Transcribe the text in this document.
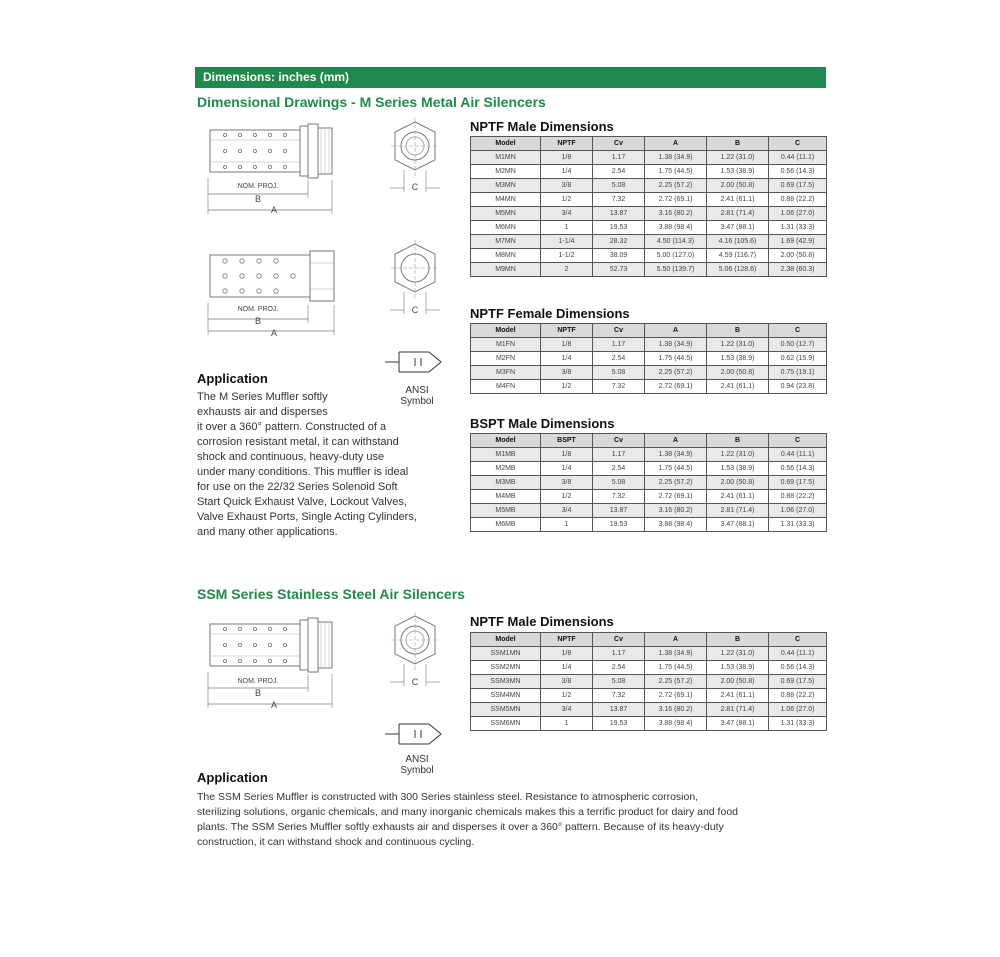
Dimensions: inches (mm)
Dimensional Drawings - M Series Metal Air Silencers
NOM. PROJ.
B
A
C
NOM. PROJ.
B
A
C
ANSI
Symbol
Application
The M Series Muffler softly
exhausts air and disperses
it over a 360° pattern. Constructed of a
corrosion resistant metal, it can withstand
shock and continuous, heavy-duty use
under many conditions. This muffler is ideal
for use on the 22/32 Series Solenoid Soft
Start Quick Exhaust Valve, Lockout Valves,
Valve Exhaust Ports, Single Acting Cylinders,
and many other applications.
NPTF Male Dimensions
Model	NPTF	Cv	A	B	C
M1MN	1/8	1.17	1.38 (34.9)	1.22 (31.0)	0.44 (11.1)
M2MN	1/4	2.54	1.75 (44.5)	1.53 (38.9)	0.56 (14.3)
M3MN	3/8	5.08	2.25 (57.2)	2.00 (50.8)	0.69 (17.5)
M4MN	1/2	7.32	2.72 (69.1)	2.41 (61.1)	0.88 (22.2)
M5MN	3/4	13.87	3.16 (80.2)	2.81 (71.4)	1.06 (27.0)
M6MN	1	19.53	3.88 (98.4)	3.47 (88.1)	1.31 (33.3)
M7MN	1-1/4	28.32	4.50 (114.3)	4.16 (105.6)	1.69 (42.9)
M8MN	1-1/2	38.09	5.00 (127.0)	4.59 (116.7)	2.00 (50.8)
M9MN	2	52.73	5.50 (139.7)	5.06 (128.6)	2.38 (60.3)
NPTF Female Dimensions
Model	NPTF	Cv	A	B	C
M1FN	1/8	1.17	1.38 (34.9)	1.22 (31.0)	0.50 (12.7)
M2FN	1/4	2.54	1.75 (44.5)	1.53 (38.9)	0.62 (15.9)
M3FN	3/8	5.08	2.25 (57.2)	2.00 (50.8)	0.75 (19.1)
M4FN	1/2	7.32	2.72 (69.1)	2.41 (61.1)	0.94 (23.8)
BSPT Male Dimensions
Model	BSPT	Cv	A	B	C
M1MB	1/8	1.17	1.38 (34.9)	1.22 (31.0)	0.44 (11.1)
M2MB	1/4	2.54	1.75 (44.5)	1.53 (38.9)	0.56 (14.3)
M3MB	3/8	5.08	2.25 (57.2)	2.00 (50.8)	0.69 (17.5)
M4MB	1/2	7.32	2.72 (69.1)	2.41 (61.1)	0.88 (22.2)
M5MB	3/4	13.87	3.16 (80.2)	2.81 (71.4)	1.06 (27.0)
M6MB	1	19.53	3.88 (98.4)	3.47 (88.1)	1.31 (33.3)
SSM Series Stainless Steel Air Silencers
NOM. PROJ.
B
A
C
ANSI
Symbol
NPTF Male Dimensions
Model	NPTF	Cv	A	B	C
SSM1MN	1/8	1.17	1.38 (34.9)	1.22 (31.0)	0.44 (11.1)
SSM2MN	1/4	2.54	1.75 (44.5)	1.53 (38.9)	0.56 (14.3)
SSM3MN	3/8	5.08	2.25 (57.2)	2.00 (50.8)	0.69 (17.5)
SSM4MN	1/2	7.32	2.72 (69.1)	2.41 (61.1)	0.88 (22.2)
SSM5MN	3/4	13.87	3.16 (80.2)	2.81 (71.4)	1.06 (27.0)
SSM6MN	1	19.53	3.88 (98.4)	3.47 (88.1)	1.31 (33.3)
Application
The SSM Series Muffler is constructed with 300 Series stainless steel. Resistance to atmospheric corrosion,
sterilizing solutions, organic chemicals, and many inorganic chemicals makes this a terrific product for dairy and food
plants. The SSM Series Muffler softly exhausts air and disperses it over a 360° pattern. Because of its heavy-duty
construction, it can withstand shock and continuous cycling.
